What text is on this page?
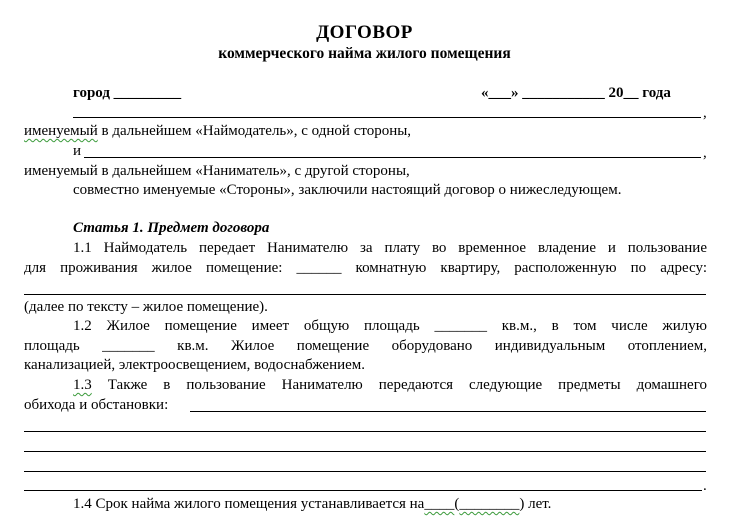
ДОГОВОР
коммерческого найма жилого помещения
город _________	«___» ___________ 20__ года
,
именуемый в дальнейшем «Наймодатель», с одной стороны,
и	,
именуемый в дальнейшем «Наниматель», с другой стороны,
совместно именуемые «Стороны», заключили настоящий договор о нижеследующем.
Статья 1. Предмет договора
1.1 Наймодатель передает Нанимателю за плату во временное владение и пользование
для проживания жилое помещение: ______ комнатную квартиру, расположенную по адресу:
(далее по тексту – жилое помещение).
1.2 Жилое помещение имеет общую площадь _______ кв.м., в том числе жилую
площадь _______ кв.м. Жилое помещение оборудовано индивидуальным отоплением,
канализацией, электроосвещением, водоснабжением.
1.3 Также в пользование Нанимателю передаются следующие предметы домашнего
обихода и обстановки:
.
1.4 Срок найма жилого помещения устанавливается на____(________) лет.
